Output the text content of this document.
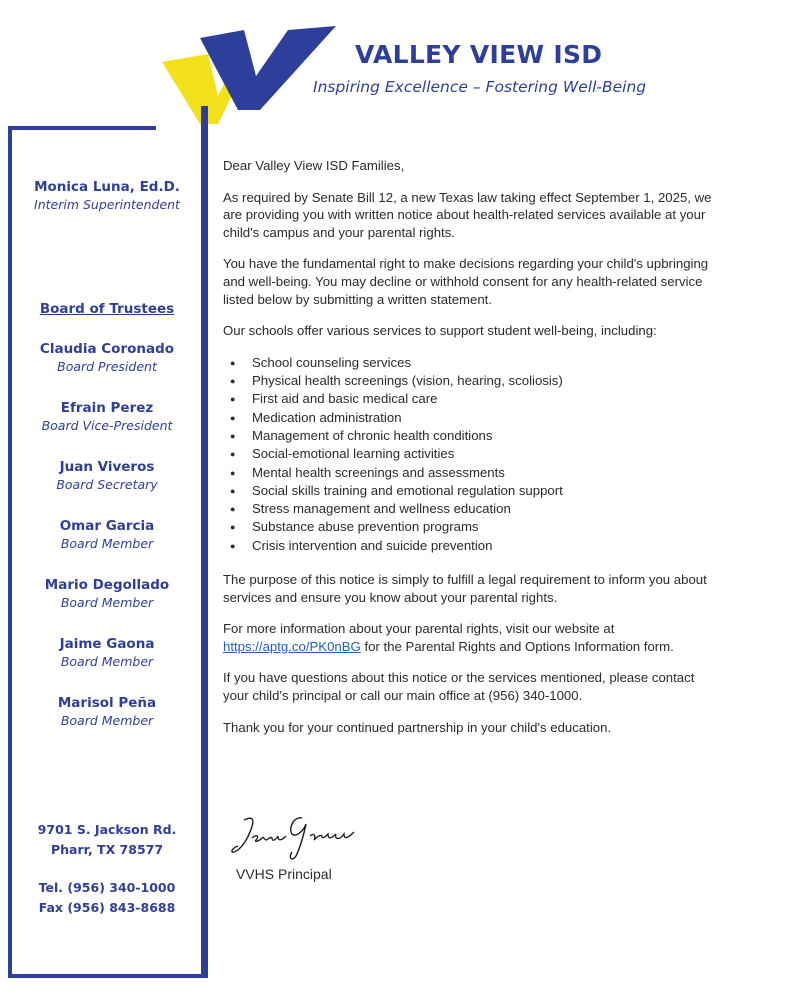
VALLEY VIEW ISD
Inspiring Excellence – Fostering Well-Being
Monica Luna, Ed.D.
Interim Superintendent
Board of Trustees
Claudia Coronado
Board President
Efrain Perez
Board Vice-President
Juan Viveros
Board Secretary
Omar Garcia
Board Member
Mario Degollado
Board Member
Jaime Gaona
Board Member
Marisol Peña
Board Member
9701 S. Jackson Rd.
Pharr, TX 78577
Tel. (956) 340-1000
Fax (956) 843-8688

Dear Valley View ISD Families,

As required by Senate Bill 12, a new Texas law taking effect September 1, 2025, we are providing you with written notice about health-related services available at your child's campus and your parental rights.

You have the fundamental right to make decisions regarding your child's upbringing and well-being. You may decline or withhold consent for any health-related service listed below by submitting a written statement.

Our schools offer various services to support student well-being, including:

● School counseling services
● Physical health screenings (vision, hearing, scoliosis)
● First aid and basic medical care
● Medication administration
● Management of chronic health conditions
● Social-emotional learning activities
● Mental health screenings and assessments
● Social skills training and emotional regulation support
● Stress management and wellness education
● Substance abuse prevention programs
● Crisis intervention and suicide prevention

The purpose of this notice is simply to fulfill a legal requirement to inform you about services and ensure you know about your parental rights.

For more information about your parental rights, visit our website at https://aptg.co/PK0nBG for the Parental Rights and Options Information form.

If you have questions about this notice or the services mentioned, please contact your child's principal or call our main office at (956) 340-1000.

Thank you for your continued partnership in your child's education.

VVHS Principal
